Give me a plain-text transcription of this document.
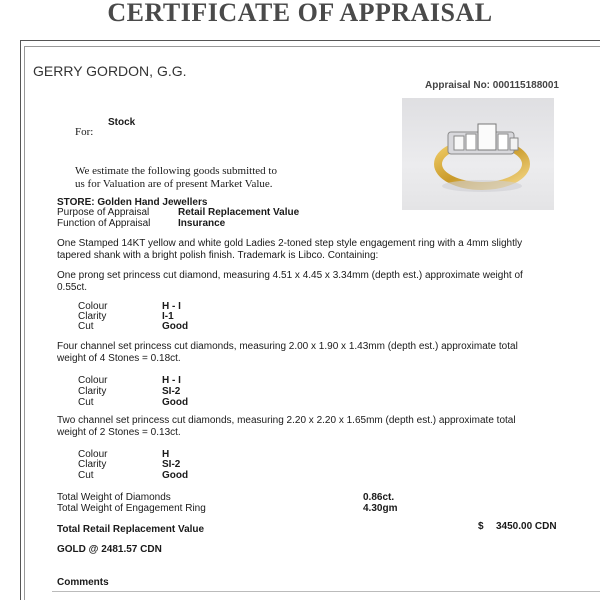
CERTIFICATE OF APPRAISAL
GERRY GORDON, G.G.
Appraisal No: 000115188001
Stock
For:
We estimate the following goods submitted to
us for Valuation are of present Market Value.
STORE: Golden Hand Jewellers
Purpose of Appraisal	Retail Replacement Value
Function of Appraisal	Insurance
One Stamped 14KT yellow and white gold Ladies 2-toned step style engagement ring with a 4mm slightly tapered shank with a bright polish finish. Trademark is Libco. Containing:
One prong set princess cut diamond, measuring 4.51 x 4.45 x 3.34mm (depth est.) approximate weight of 0.55ct.
Colour	H - I
Clarity	I-1
Cut	Good
Four channel set princess cut diamonds, measuring 2.00 x 1.90 x 1.43mm (depth est.) approximate total weight of 4 Stones = 0.18ct.
Colour	H - I
Clarity	SI-2
Cut	Good
Two channel set princess cut diamonds, measuring 2.20 x 2.20 x 1.65mm (depth est.) approximate total weight of 2 Stones = 0.13ct.
Colour	H
Clarity	SI-2
Cut	Good
Total Weight of Diamonds	0.86ct.
Total Weight of Engagement Ring	4.30gm
Total Retail Replacement Value	$ 3450.00 CDN
GOLD @ 2481.57 CDN
Comments
